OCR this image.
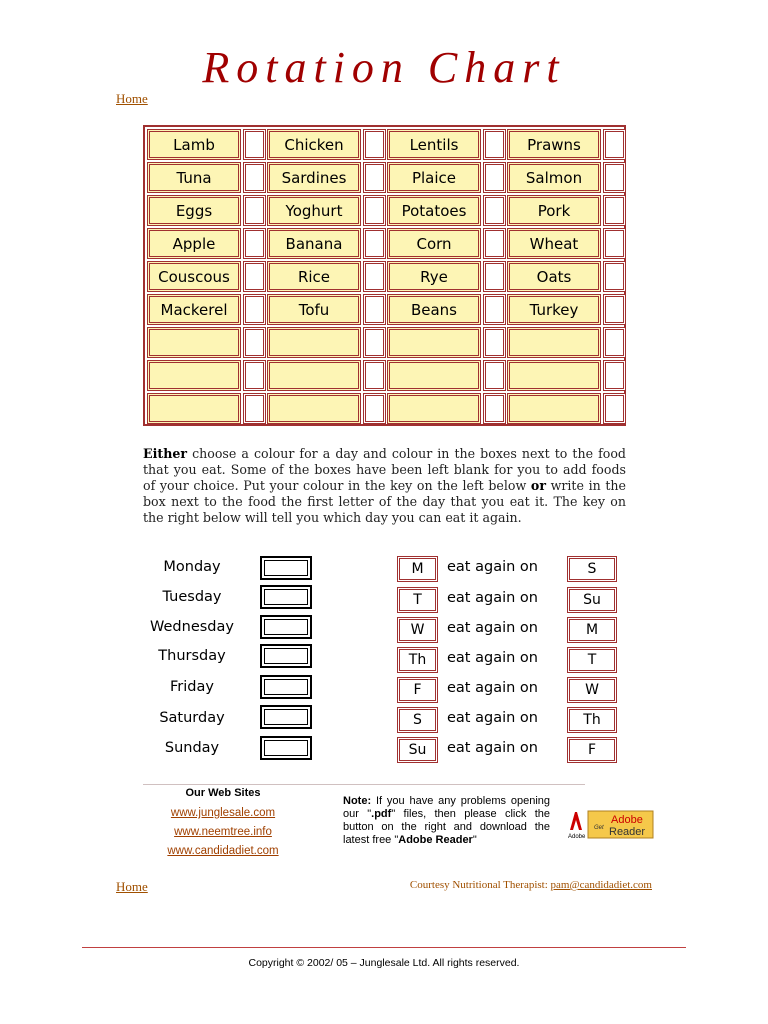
Rotation Chart
Home
Lamb	Chicken	Lentils	Prawns
Tuna	Sardines	Plaice	Salmon
Eggs	Yoghurt	Potatoes	Pork
Apple	Banana	Corn	Wheat
Couscous	Rice	Rye	Oats
Mackerel	Tofu	Beans	Turkey
Either choose a colour for a day and colour in the boxes next to the food that you eat. Some of the boxes have been left blank for you to add foods of your choice. Put your colour in the key on the left below or write in the box next to the food the first letter of the day that you eat it. The key on the right below will tell you which day you can eat it again.
Monday	M	eat again on	S
Tuesday	T	eat again on	Su
Wednesday	W	eat again on	M
Thursday	Th	eat again on	T
Friday	F	eat again on	W
Saturday	S	eat again on	Th
Sunday	Su	eat again on	F
Our Web Sites
www.junglesale.com
www.neemtree.info
www.candidadiet.com
Note: If you have any problems opening our ".pdf" files, then please click the button on the right and download the latest free "Adobe Reader"	Adobe
Get
Adobe
Reader
Home	Courtesy Nutritional Therapist: pam@candidadiet.com
Copyright © 2002/ 05 – Junglesale Ltd. All rights reserved.
